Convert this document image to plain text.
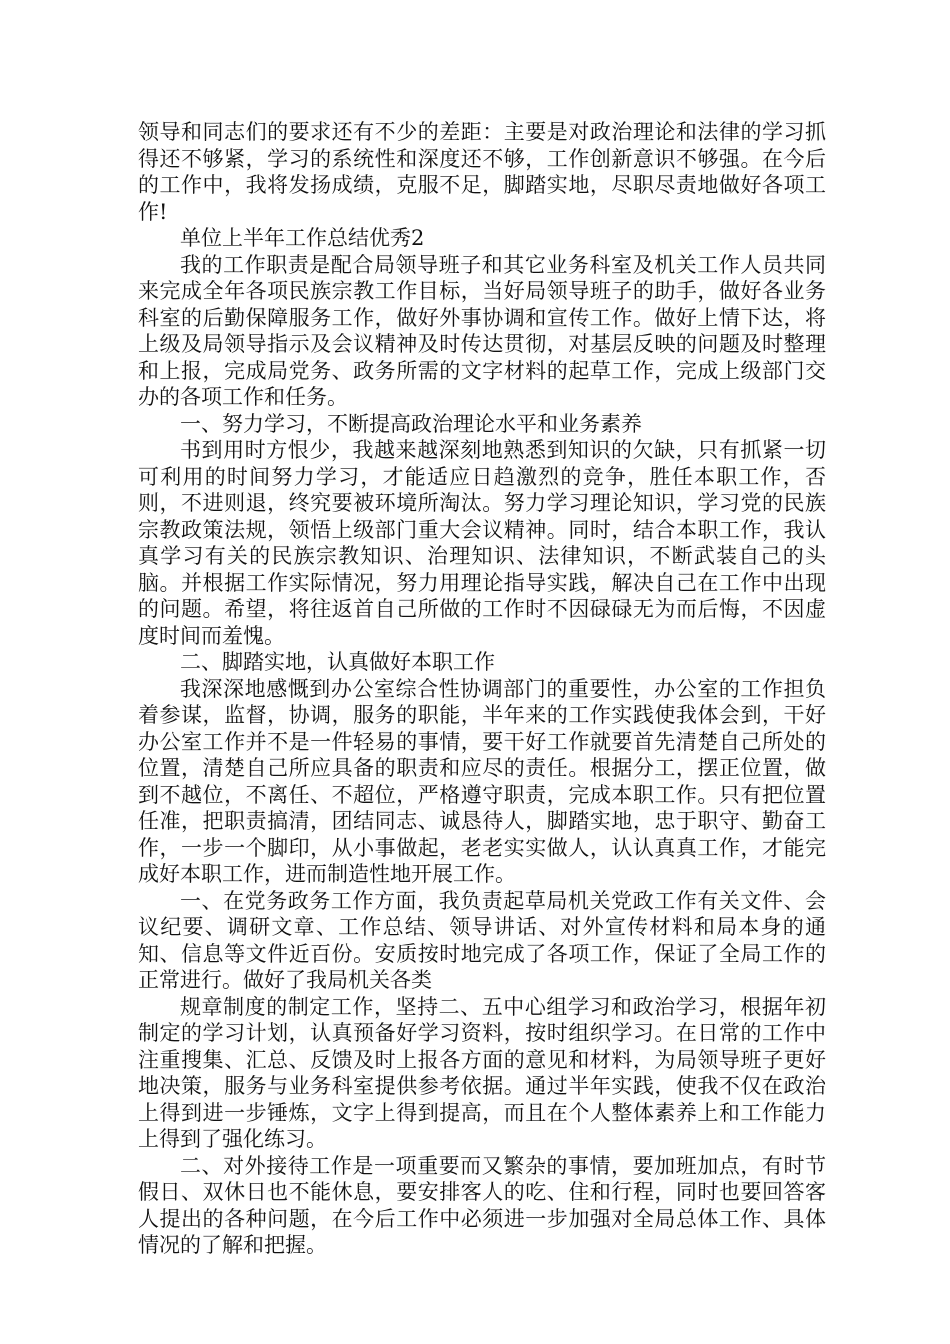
领导和同志们的要求还有不少的差距：主要是对政治理论和法律的学习抓得还不够紧，学习的系统性和深度还不够，工作创新意识不够强。在今后的工作中，我将发扬成绩，克服不足，脚踏实地，尽职尽责地做好各项工作!

单位上半年工作总结优秀2

我的工作职责是配合局领导班子和其它业务科室及机关工作人员共同来完成全年各项民族宗教工作目标，当好局领导班子的助手，做好各业务科室的后勤保障服务工作，做好外事协调和宣传工作。做好上情下达，将上级及局领导指示及会议精神及时传达贯彻，对基层反映的问题及时整理和上报，完成局党务、政务所需的文字材料的起草工作，完成上级部门交办的各项工作和任务。

一、努力学习，不断提高政治理论水平和业务素养

书到用时方恨少，我越来越深刻地熟悉到知识的欠缺，只有抓紧一切可利用的时间努力学习，才能适应日趋激烈的竞争，胜任本职工作，否则，不进则退，终究要被环境所淘汰。努力学习理论知识，学习党的民族宗教政策法规，领悟上级部门重大会议精神。同时，结合本职工作，我认真学习有关的民族宗教知识、治理知识、法律知识，不断武装自己的头脑。并根据工作实际情况，努力用理论指导实践，解决自己在工作中出现的问题。希望，将往返首自己所做的工作时不因碌碌无为而后悔，不因虚度时间而羞愧。

二、脚踏实地，认真做好本职工作

我深深地感慨到办公室综合性协调部门的重要性，办公室的工作担负着参谋，监督，协调，服务的职能，半年来的工作实践使我体会到，干好办公室工作并不是一件轻易的事情，要干好工作就要首先清楚自己所处的位置，清楚自己所应具备的职责和应尽的责任。根据分工，摆正位置，做到不越位，不离任、不超位，严格遵守职责，完成本职工作。只有把位置任准，把职责搞清，团结同志、诚恳待人，脚踏实地，忠于职守、勤奋工作，一步一个脚印，从小事做起，老老实实做人，认认真真工作，才能完成好本职工作，进而制造性地开展工作。

一、在党务政务工作方面，我负责起草局机关党政工作有关文件、会议纪要、调研文章、工作总结、领导讲话、对外宣传材料和局本身的通知、信息等文件近百份。安质按时地完成了各项工作，保证了全局工作的正常进行。做好了我局机关各类

规章制度的制定工作，坚持二、五中心组学习和政治学习，根据年初制定的学习计划，认真预备好学习资料，按时组织学习。在日常的工作中注重搜集、汇总、反馈及时上报各方面的意见和材料，为局领导班子更好地决策，服务与业务科室提供参考依据。通过半年实践，使我不仅在政治上得到进一步锤炼，文字上得到提高，而且在个人整体素养上和工作能力上得到了强化练习。

二、对外接待工作是一项重要而又繁杂的事情，要加班加点，有时节假日、双休日也不能休息，要安排客人的吃、住和行程，同时也要回答客人提出的各种问题，在今后工作中必须进一步加强对全局总体工作、具体情况的了解和把握。
